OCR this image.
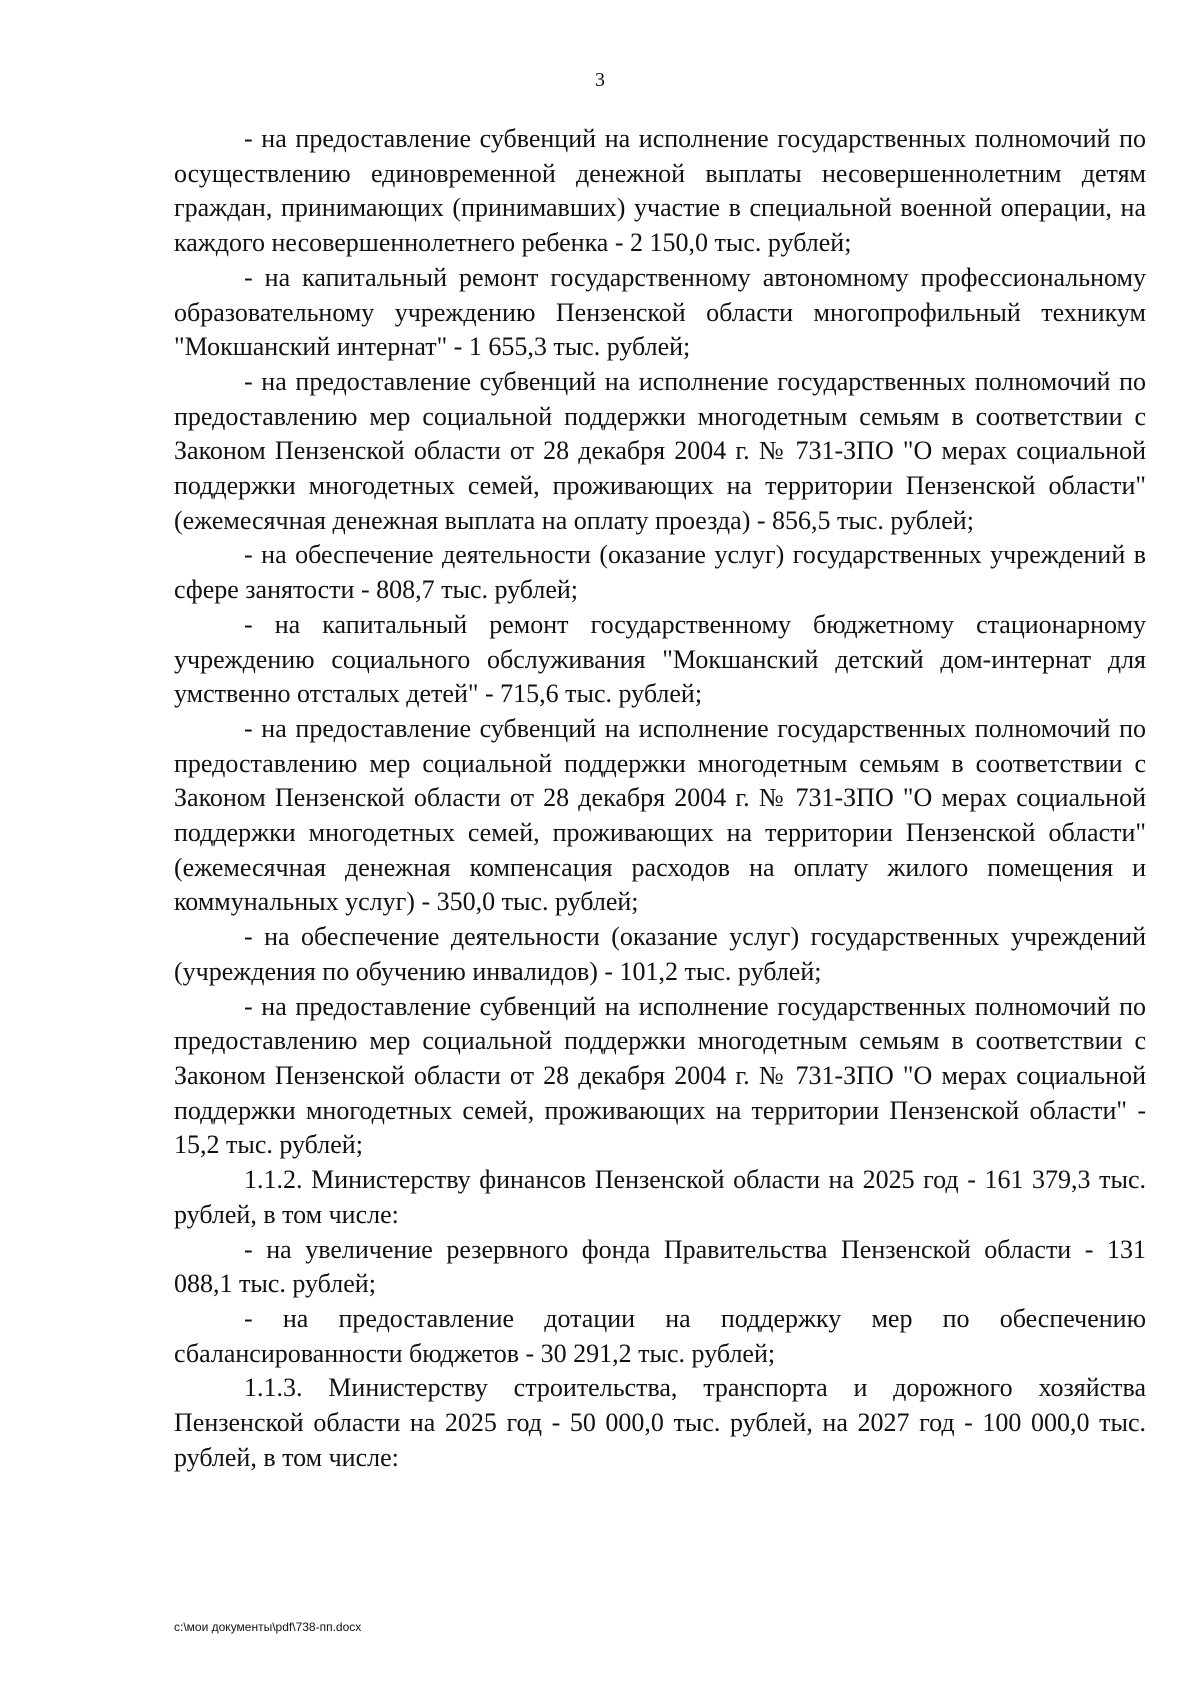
3

- на предоставление субвенций на исполнение государственных полномочий по осуществлению единовременной денежной выплаты несовершеннолетним детям граждан, принимающих (принимавших) участие в специальной военной операции, на каждого несовершеннолетнего ребенка - 2 150,0 тыс. рублей;

- на капитальный ремонт государственному автономному профессиональному образовательному учреждению Пензенской области многопрофильный техникум "Мокшанский интернат" - 1 655,3 тыс. рублей;

- на предоставление субвенций на исполнение государственных полномочий по предоставлению мер социальной поддержки многодетным семьям в соответствии с Законом Пензенской области от 28 декабря 2004 г. № 731-ЗПО "О мерах социальной поддержки многодетных семей, проживающих на территории Пензенской области" (ежемесячная денежная выплата на оплату проезда) - 856,5 тыс. рублей;

- на обеспечение деятельности (оказание услуг) государственных учреждений в сфере занятости - 808,7 тыс. рублей;

- на капитальный ремонт государственному бюджетному стационарному учреждению социального обслуживания "Мокшанский детский дом-интернат для умственно отсталых детей" - 715,6 тыс. рублей;

- на предоставление субвенций на исполнение государственных полномочий по предоставлению мер социальной поддержки многодетным семьям в соответствии с Законом Пензенской области от 28 декабря 2004 г. № 731-ЗПО "О мерах социальной поддержки многодетных семей, проживающих на территории Пензенской области" (ежемесячная денежная компенсация расходов на оплату жилого помещения и коммунальных услуг) - 350,0 тыс. рублей;

- на обеспечение деятельности (оказание услуг) государственных учреждений (учреждения по обучению инвалидов) - 101,2 тыс. рублей;

- на предоставление субвенций на исполнение государственных полномочий по предоставлению мер социальной поддержки многодетным семьям в соответствии с Законом Пензенской области от 28 декабря 2004 г. № 731-ЗПО "О мерах социальной поддержки многодетных семей, проживающих на территории Пензенской области" - 15,2 тыс. рублей;

1.1.2. Министерству финансов Пензенской области на 2025 год - 161 379,3 тыс. рублей, в том числе:

- на увеличение резервного фонда Правительства Пензенской области - 131 088,1 тыс. рублей;

- на предоставление дотации на поддержку мер по обеспечению сбалансированности бюджетов - 30 291,2 тыс. рублей;

1.1.3. Министерству строительства, транспорта и дорожного хозяйства Пензенской области на 2025 год - 50 000,0 тыс. рублей, на 2027 год - 100 000,0 тыс. рублей, в том числе:

c:\мои документы\pdf\738-пп.docx
